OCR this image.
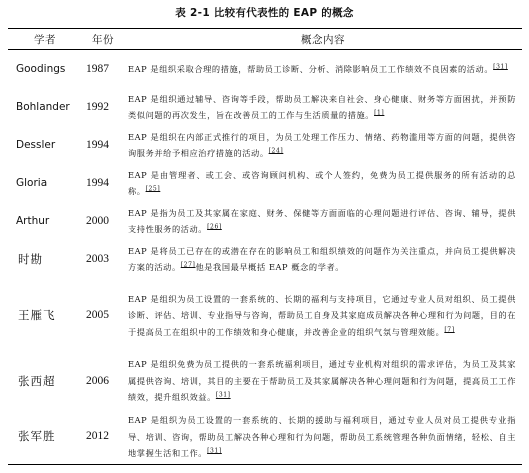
表 2-1 比较有代表性的 EAP 的概念
学者	年份	概念内容
Goodings	1987	EAP 是组织采取合理的措施，帮助员工诊断、分析、消除影响员工工作绩效不良因素的活动。[31]
Bohlander	1992	EAP 是组织通过辅导、咨询等手段，帮助员工解决来自社会、身心健康、财务等方面困扰，并预防类似问题的再次发生，旨在改善员工的工作与生活质量的措施。[1]
Dessler	1994	EAP 是组织在内部正式推行的项目，为员工处理工作压力、情绪、药物滥用等方面的问题，提供咨询服务并给予相应治疗措施的活动。[24]
Gloria	1994	EAP 是由管理者、或工会、或咨询顾问机构、或个人签约，免费为员工提供服务的所有活动的总称。[25]
Arthur	2000	EAP 是指为员工及其家属在家庭、财务、保健等方面面临的心理问题进行评估、咨询、辅导，提供支持性服务的活动。[26]
时勘	2003	EAP 是将员工已存在的或潜在存在的影响员工和组织绩效的问题作为关注重点，并向员工提供解决方案的活动。[27]他是我国最早概括 EAP 概念的学者。
王雁飞	2005	EAP 是组织为员工设置的一套系统的、长期的福利与支持项目，它通过专业人员对组织、员工提供诊断、评估、培训、专业指导与咨询，帮助员工自身及其家庭成员解决各种心理和行为问题，目的在于提高员工在组织中的工作绩效和身心健康，并改善企业的组织气氛与管理效能。[7]
张西超	2006	EAP 是组织免费为员工提供的一套系统福利项目，通过专业机构对组织的需求评估，为员工及其家属提供咨询、培训，其目的主要在于帮助员工及其家属解决各种心理问题和行为问题，提高员工工作绩效，提升组织效益。[31]
张军胜	2012	EAP 是组织为员工设置的一套系统的、长期的援助与福利项目，通过专业人员对员工提供专业指导、培训、咨询，帮助员工解决各种心理和行为问题，帮助员工系统管理各种负面情绪，轻松、自主地掌握生活和工作。[31]
